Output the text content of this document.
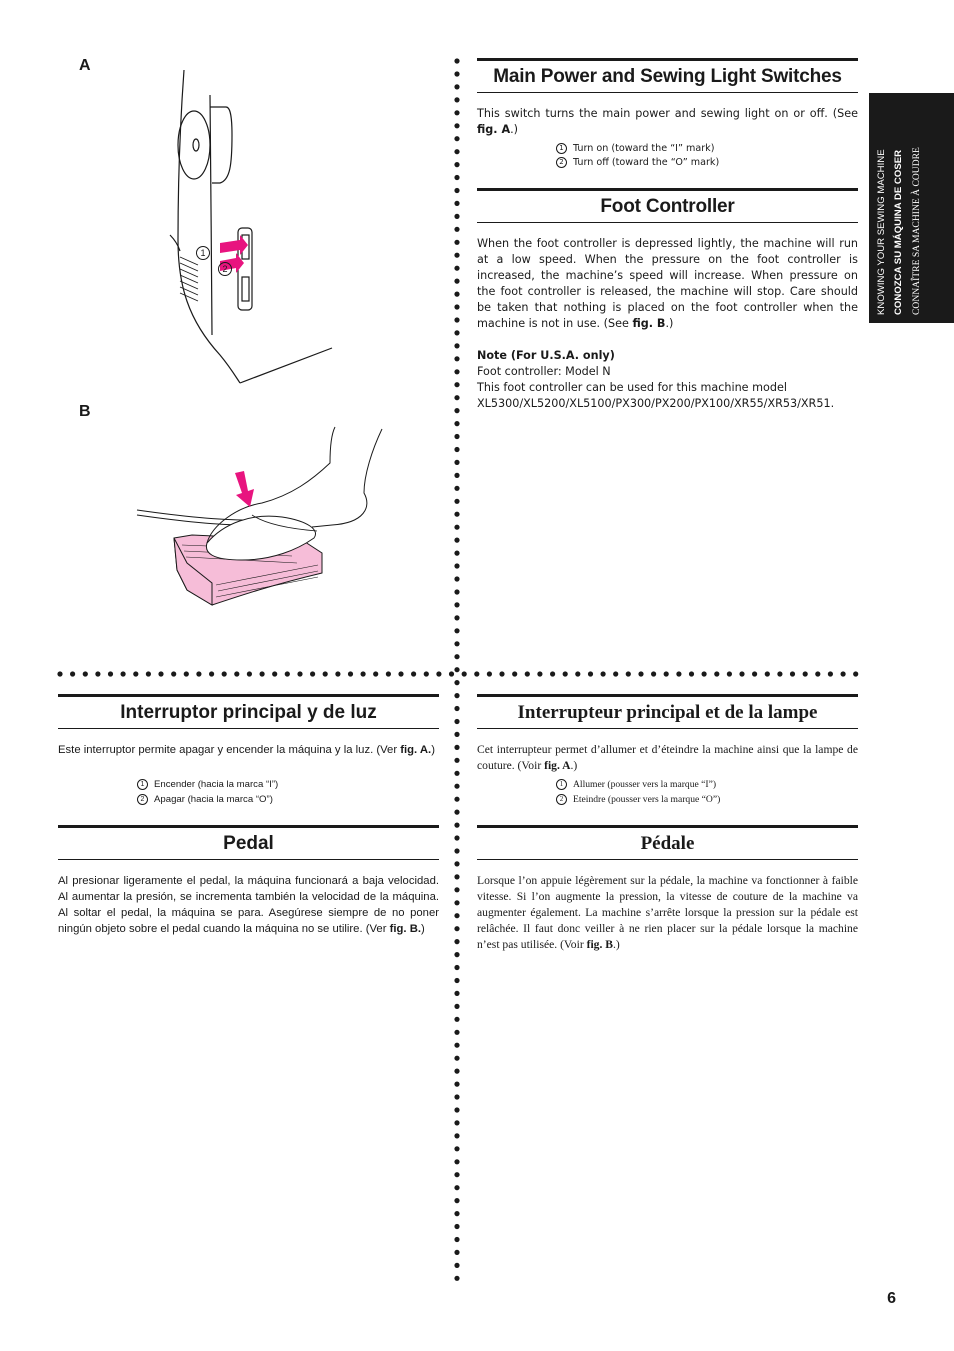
A
1
2
B
KNOWING YOUR SEWING MACHINE CONOZCA SU MÁQUINA DE COSER CONNAÎTRE SA MACHINE À COUDRE
Main Power and Sewing Light Switches
This switch turns the main power and sewing light on or off. (See fig. A.)
1 Turn on (toward the “I” mark)
2 Turn off (toward the “O” mark)
Foot Controller
When the foot controller is depressed lightly, the machine will run at a low speed. When the pressure on the foot controller is increased, the machine’s speed will increase. When pressure on the foot controller is released, the machine will stop. Care should be taken that nothing is placed on the foot controller when the machine is not in use. (See fig. B.)

Note (For U.S.A. only)

Foot controller: Model N

This foot controller can be used for this machine model XL5300/XL5200/XL5100/PX300/PX200/PX100/XR55/XR53/XR51.

Interruptor principal y de luz
Este interruptor permite apagar y encender la máquina y la luz. (Ver fig. A.)
1 Encender (hacia la marca “I”)
2 Apagar (hacia la marca “O”)
Pedal
Al presionar ligeramente el pedal, la máquina funcionará a baja velocidad. Al aumentar la presión, se incrementa también la velocidad de la máquina. Al soltar el pedal, la máquina se para. Asegúrese siempre de no poner ningún objeto sobre el pedal cuando la máquina no se utilire. (Ver fig. B.)
Interrupteur principal et de la lampe
Cet interrupteur permet d’allumer et d’éteindre la machine ainsi que la lampe de couture. (Voir fig. A.)
1	Allumer (pousser vers la marque “I”)
2	Eteindre (pousser vers la marque “O”)
Pédale
Lorsque l’on appuie légèrement sur la pédale, la machine va fonctionner à faible vitesse. Si l’on augmente la pression, la vitesse de couture de la machine va augmenter également. La machine s’arrête lorsque la pression sur la pédale est relâchée. Il faut donc veiller à ne rien placer sur la pédale lorsque la machine n’est pas utilisée. (Voir fig. B.)
6
